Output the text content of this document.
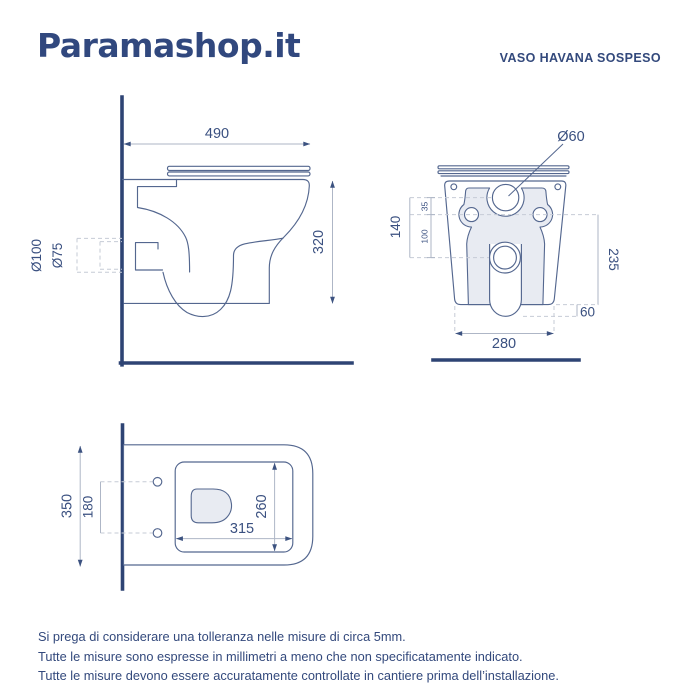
Paramashop.it	VASO HAVANA SOSPESO
Ø100 Ø75
490
320
Ø60
140
35
100
235
60
280
350 180
315
260

Si prega di considerare una tolleranza nelle misure di circa 5mm.

Tutte le misure sono espresse in millimetri a meno che non specificatamente indicato.

Tutte le misure devono essere accuratamente controllate in cantiere prima dell’installazione.
